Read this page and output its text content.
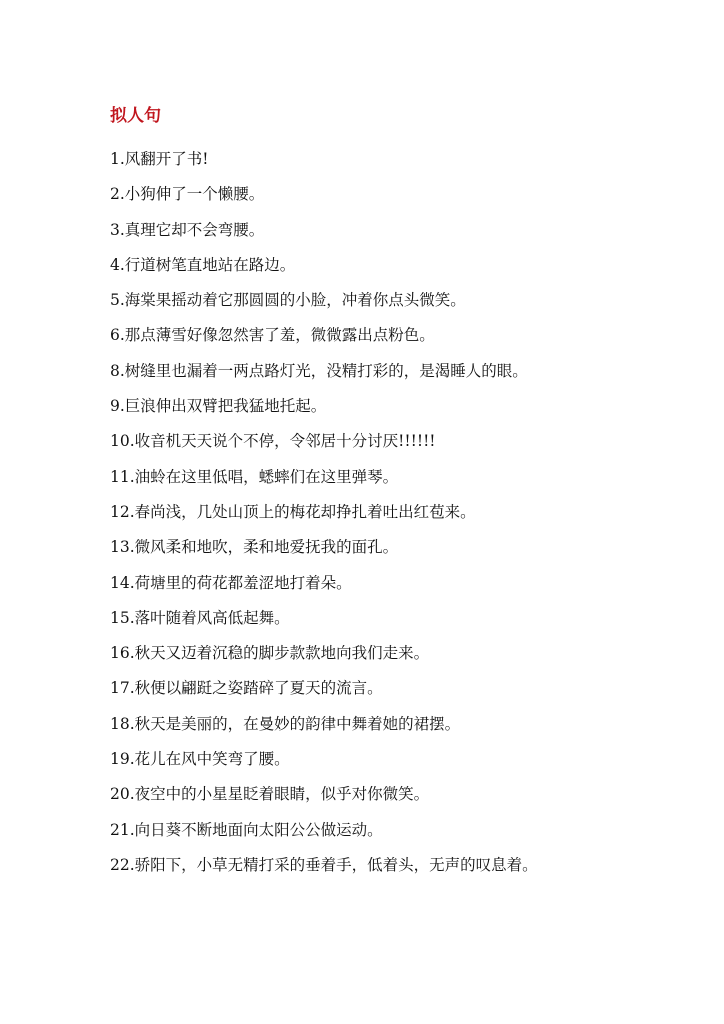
拟人句
1.风翻开了书!
2.小狗伸了一个懒腰。
3.真理它却不会弯腰。
4.行道树笔直地站在路边。
5.海棠果摇动着它那圆圆的小脸，冲着你点头微笑。
6.那点薄雪好像忽然害了羞，微微露出点粉色。
8.树缝里也漏着一两点路灯光，没精打彩的，是渴睡人的眼。
9.巨浪伸出双臂把我猛地托起。
10.收音机天天说个不停，令邻居十分讨厌!!!!!!
11.油蛉在这里低唱，蟋蟀们在这里弹琴。
12.春尚浅，几处山顶上的梅花却挣扎着吐出红苞来。
13.微风柔和地吹，柔和地爱抚我的面孔。
14.荷塘里的荷花都羞涩地打着朵。
15.落叶随着风高低起舞。
16.秋天又迈着沉稳的脚步款款地向我们走来。
17.秋便以翩跹之姿踏碎了夏天的流言。
18.秋天是美丽的，在曼妙的韵律中舞着她的裙摆。
19.花儿在风中笑弯了腰。
20.夜空中的小星星眨着眼睛，似乎对你微笑。
21.向日葵不断地面向太阳公公做运动。
22.骄阳下，小草无精打采的垂着手，低着头，无声的叹息着。
